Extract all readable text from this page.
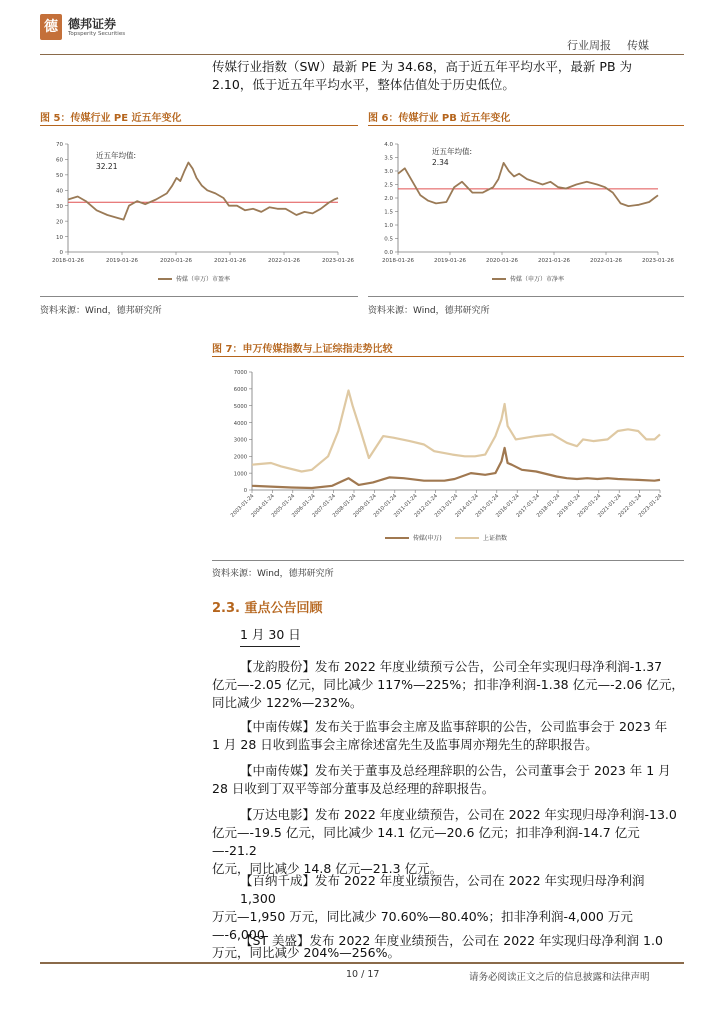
德 德邦证券
Topsperity Securities
行业周报 传媒
传媒行业指数（SW）最新 PE 为 34.68，高于近五年平均水平，最新 PB 为
2.10，低于近五年平均水平，整体估值处于历史低位。
图 5：传媒行业 PE 近五年变化
0
10
20
30
40
50
60
70
2018-01-26	2019-01-26	2020-01-26	2021-01-26	2022-01-26	2023-01-26
近五年均值:
32.21
传媒（申万）市盈率
资料来源：Wind，德邦研究所
图 6：传媒行业 PB 近五年变化
0.0
0.5
1.0
1.5
2.0
2.5
3.0
3.5
4.0
2018-01-26	2019-01-26	2020-01-26	2021-01-26	2022-01-26	2023-01-26
近五年均值:
2.34
传媒（申万）市净率
资料来源：Wind，德邦研究所
图 7：申万传媒指数与上证综指走势比较
0
1000
2000
3000
4000
5000
6000
7000
2003-01-24
2004-01-24
2005-01-24
2006-01-24
2007-01-24
2008-01-24
2009-01-24
2010-01-24
2011-01-24
2012-01-24
2013-01-24
2014-01-24
2015-01-24
2016-01-24
2017-01-24
2018-01-24
2019-01-24
2020-01-24
2021-01-24
2022-01-24
2023-01-24
传媒(申万)	上证指数
资料来源：Wind，德邦研究所
2.3. 重点公告回顾
1 月 30 日
【龙韵股份】发布 2022 年度业绩预亏公告，公司全年实现归母净利润-1.37
亿元—-2.05 亿元，同比减少 117%—225%；扣非净利润-1.38 亿元—-2.06 亿元，
同比减少 122%—232%。
【中南传媒】发布关于监事会主席及监事辞职的公告，公司监事会于 2023 年
1 月 28 日收到监事会主席徐述富先生及监事周亦翔先生的辞职报告。
【中南传媒】发布关于董事及总经理辞职的公告，公司董事会于 2023 年 1 月
28 日收到丁双平等部分董事及总经理的辞职报告。
【万达电影】发布 2022 年度业绩预告，公司在 2022 年实现归母净利润-13.0
亿元—-19.5 亿元，同比减少 14.1 亿元—20.6 亿元；扣非净利润-14.7 亿元—-21.2
亿元，同比减少 14.8 亿元—21.3 亿元。
【百纳千成】发布 2022 年度业绩预告，公司在 2022 年实现归母净利润 1,300
万元—1,950 万元，同比减少 70.60%—80.40%；扣非净利润-4,000 万元—-6,000
万元，同比减少 204%—256%。
【ST 美盛】发布 2022 年度业绩预告，公司在 2022 年实现归母净利润 1.0
10 / 17	请务必阅读正文之后的信息披露和法律声明
